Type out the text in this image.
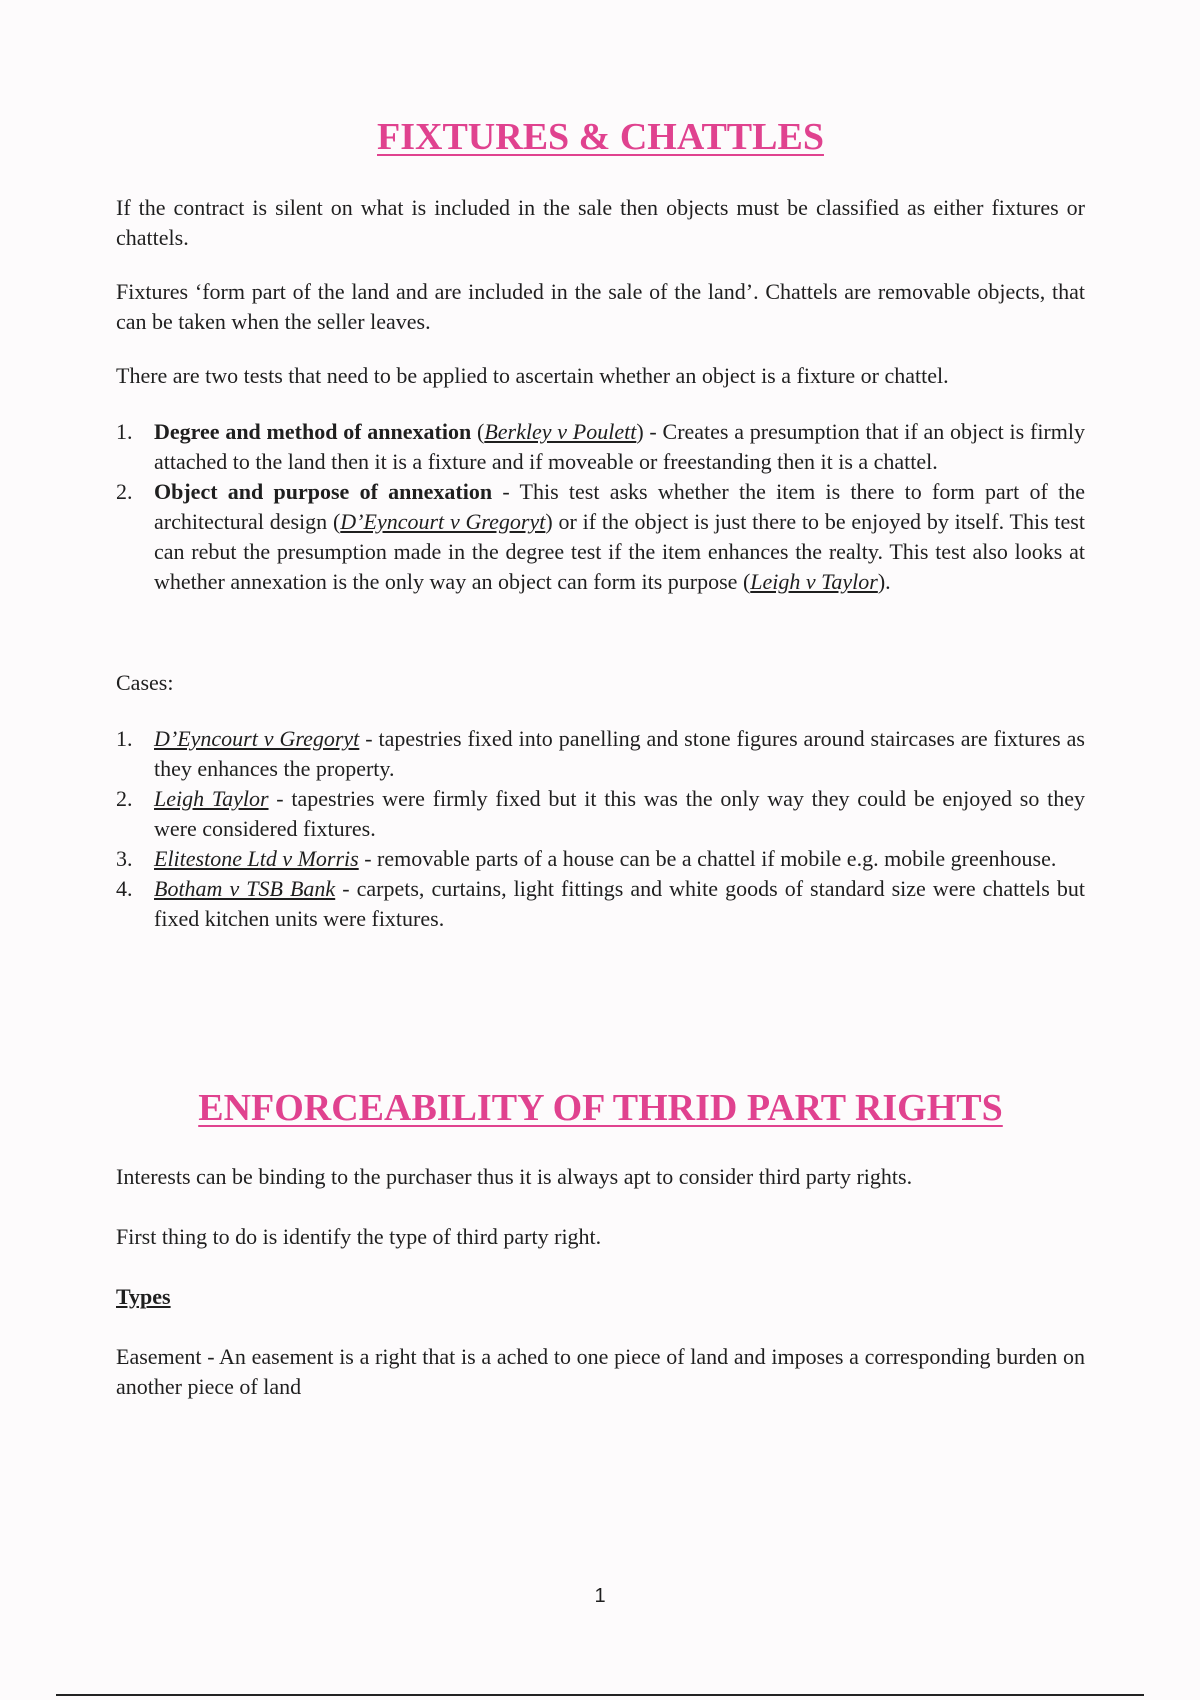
FIXTURES & CHATTLES

If the contract is silent on what is included in the sale then objects must be classified as either fixtures or chattels.

Fixtures ‘form part of the land and are included in the sale of the land’. Chattels are removable objects, that can be taken when the seller leaves.

There are two tests that need to be applied to ascertain whether an object is a fixture or chattel.

1. Degree and method of annexation (Berkley v Poulett) - Creates a presumption that if an object is firmly attached to the land then it is a fixture and if moveable or freestanding then it is a chattel.
2. Object and purpose of annexation - This test asks whether the item is there to form part of the architectural design (D’Eyncourt v Gregoryt) or if the object is just there to be enjoyed by itself. This test can rebut the presumption made in the degree test if the item enhances the realty. This test also looks at whether annexation is the only way an object can form its purpose (Leigh v Taylor).

Cases:

1. D’Eyncourt v Gregoryt - tapestries fixed into panelling and stone figures around staircases are fixtures as they enhances the property.
2. Leigh Taylor - tapestries were firmly fixed but it this was the only way they could be enjoyed so they were considered fixtures.
3. Elitestone Ltd v Morris - removable parts of a house can be a chattel if mobile e.g. mobile greenhouse.
4. Botham v TSB Bank - carpets, curtains, light fittings and white goods of standard size were chattels but fixed kitchen units were fixtures.
ENFORCEABILITY OF THRID PART RIGHTS

Interests can be binding to the purchaser thus it is always apt to consider third party rights.

First thing to do is identify the type of third party right.

Types

Easement - An easement is a right that is a ached to one piece of land and imposes a corresponding burden on another piece of land

1
